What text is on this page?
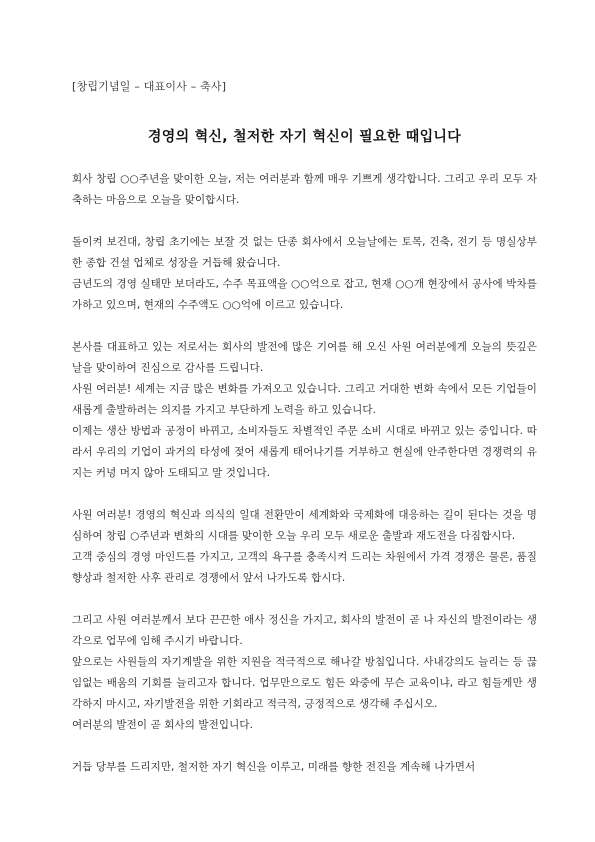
[창립기념일 – 대표이사 – 축사]
경영의 혁신, 철저한 자기 혁신이 필요한 때입니다
회사 창립 ○○주년을 맞이한 오늘, 저는 여러분과 함께 매우 기쁘게 생각합니다. 그리고 우리 모두 자축하는 마음으로 오늘을 맞이합시다.
돌이켜 보건대, 창립 초기에는 보잘 것 없는 단종 회사에서 오늘날에는 토목, 건축, 전기 등 명실상부한 종합 건설 업체로 성장을 거듭해 왔습니다.
금년도의 경영 실태만 보더라도, 수주 목표액을 ○○억으로 잡고, 현재 ○○개 현장에서 공사에 박차를 가하고 있으며, 현재의 수주액도 ○○억에 이르고 있습니다.
본사를 대표하고 있는 저로서는 회사의 발전에 많은 기여를 해 오신 사원 여러분에게 오늘의 뜻깊은 날을 맞이하여 진심으로 감사를 드립니다.
사원 여러분! 세계는 지금 많은 변화를 가져오고 있습니다. 그리고 거대한 변화 속에서 모든 기업들이 새롭게 출발하려는 의지를 가지고 부단하게 노력을 하고 있습니다.
이제는 생산 방법과 공정이 바뀌고, 소비자들도 차별적인 주문 소비 시대로 바뀌고 있는 중입니다. 따라서 우리의 기업이 과거의 타성에 젖어 새롭게 태어나기를 거부하고 현실에 안주한다면 경쟁력의 유지는 커녕 머지 않아 도태되고 말 것입니다.
사원 여러분! 경영의 혁신과 의식의 일대 전환만이 세계화와 국제화에 대응하는 길이 된다는 것을 명심하여 창립 ○주년과 변화의 시대를 맞이한 오늘 우리 모두 새로운 출발과 재도전을 다짐합시다.
고객 중심의 경영 마인드를 가지고, 고객의 욕구를 충족시켜 드리는 차원에서 가격 경쟁은 물론, 품질 향상과 철저한 사후 관리로 경쟁에서 앞서 나가도록 합시다.
그리고 사원 여러분께서 보다 끈끈한 애사 정신을 가지고, 회사의 발전이 곧 나 자신의 발전이라는 생각으로 업무에 임해 주시기 바랍니다.
앞으로는 사원들의 자기계발을 위한 지원을 적극적으로 해나갈 방침입니다. 사내강의도 늘리는 등 끊임없는 배움의 기회를 늘리고자 합니다. 업무만으로도 힘든 와중에 무슨 교육이냐, 라고 힘들게만 생각하지 마시고, 자기발전을 위한 기회라고 적극적, 긍정적으로 생각해 주십시오.
여러분의 발전이 곧 회사의 발전입니다.
거듭 당부를 드리지만, 철저한 자기 혁신을 이루고, 미래를 향한 전진을 계속해 나가면서
